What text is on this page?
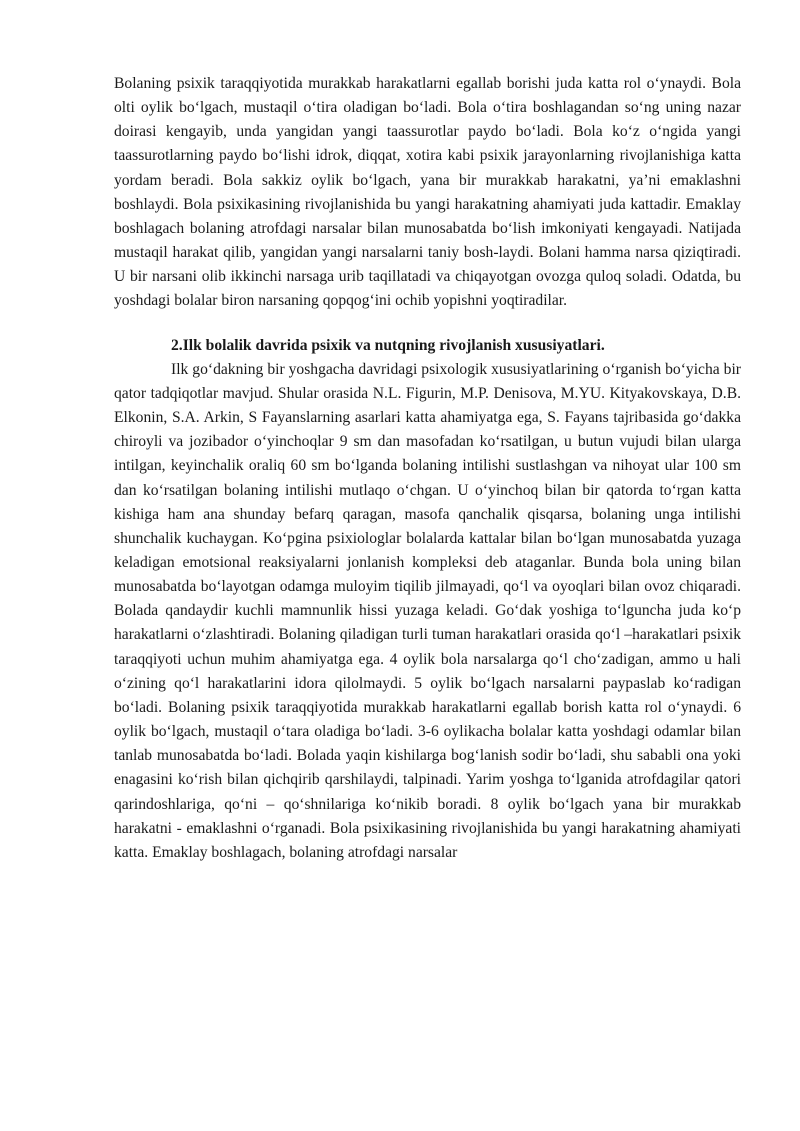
Bolaning psixik taraqqiyotida murakkab harakatlarni egallab borishi juda katta rol o‘ynaydi. Bola olti oylik bo‘lgach, mustaqil o‘tira oladigan bo‘ladi. Bola o‘tira boshlagandan so‘ng uning nazar doirasi kengayib, unda yangidan yangi taassurotlar paydo bo‘ladi. Bola ko‘z o‘ngida yangi taassurotlarning paydo bo‘lishi idrok, diqqat, xotira kabi psixik jarayonlarning rivojlanishiga katta yordam beradi. Bola sakkiz oylik bo‘lgach, yana bir murakkab harakatni, ya’ni emaklashni boshlaydi. Bola psixikasining rivojlanishida bu yangi harakatning ahamiyati juda kattadir. Emaklay boshlagach bolaning atrofdagi narsalar bilan munosabatda bo‘lish imkoniyati kengayadi. Natijada mustaqil harakat qilib, yangidan yangi narsalarni taniy bosh-laydi. Bolani hamma narsa qiziqtiradi. U bir narsani olib ikkinchi narsaga urib taqillatadi va chiqayotgan ovozga quloq soladi. Odatda, bu yoshdagi bolalar biron narsaning qopqog‘ini ochib yopishni yoqtiradilar.

2.Ilk bolalik davrida psixik va nutqning rivojlanish xususiyatlari.

Ilk go‘dakning bir yoshgacha davridagi psixologik xususiyatlarining o‘rganish bo‘yicha bir qator tadqiqotlar mavjud. Shular orasida N.L. Figurin, M.P. Denisova, M.YU. Kityakovskaya, D.B. Elkonin, S.A. Arkin, S Fayanslarning asarlari katta ahamiyatga ega, S. Fayans tajribasida go‘dakka chiroyli va jozibador o‘yinchoqlar 9 sm dan masofadan ko‘rsatilgan, u butun vujudi bilan ularga intilgan, keyinchalik oraliq 60 sm bo‘lganda bolaning intilishi sustlashgan va nihoyat ular 100 sm dan ko‘rsatilgan bolaning intilishi mutlaqo o‘chgan. U o‘yinchoq bilan bir qatorda to‘rgan katta kishiga ham ana shunday befarq qaragan, masofa qanchalik qisqarsa, bolaning unga intilishi shunchalik kuchaygan. Ko‘pgina psixiologlar bolalarda kattalar bilan bo‘lgan munosabatda yuzaga keladigan emotsional reaksiyalarni jonlanish kompleksi deb ataganlar. Bunda bola uning bilan munosabatda bo‘layotgan odamga muloyim tiqilib jilmayadi, qo‘l va oyoqlari bilan ovoz chiqaradi. Bolada qandaydir kuchli mamnunlik hissi yuzaga keladi. Go‘dak yoshiga to‘lguncha juda ko‘p harakatlarni o‘zlashtiradi. Bolaning qiladigan turli tuman harakatlari orasida qo‘l –harakatlari psixik taraqqiyoti uchun muhim ahamiyatga ega. 4 oylik bola narsalarga qo‘l cho‘zadigan, ammo u hali o‘zining qo‘l harakatlarini idora qilolmaydi. 5 oylik bo‘lgach narsalarni paypaslab ko‘radigan bo‘ladi. Bolaning psixik taraqqiyotida murakkab harakatlarni egallab borish katta rol o‘ynaydi. 6 oylik bo‘lgach, mustaqil o‘tara oladiga bo‘ladi. 3-6 oylikacha bolalar katta yoshdagi odamlar bilan tanlab munosabatda bo‘ladi. Bolada yaqin kishilarga bog‘lanish sodir bo‘ladi, shu sababli ona yoki enagasini ko‘rish bilan qichqirib qarshilaydi, talpinadi. Yarim yoshga to‘lganida atrofdagilar qatori qarindoshlariga, qo‘ni – qo‘shnilariga ko‘nikib boradi. 8 oylik bo‘lgach yana bir murakkab harakatni - emaklashni o‘rganadi. Bola psixikasining rivojlanishida bu yangi harakatning ahamiyati katta. Emaklay boshlagach, bolaning atrofdagi narsalar
